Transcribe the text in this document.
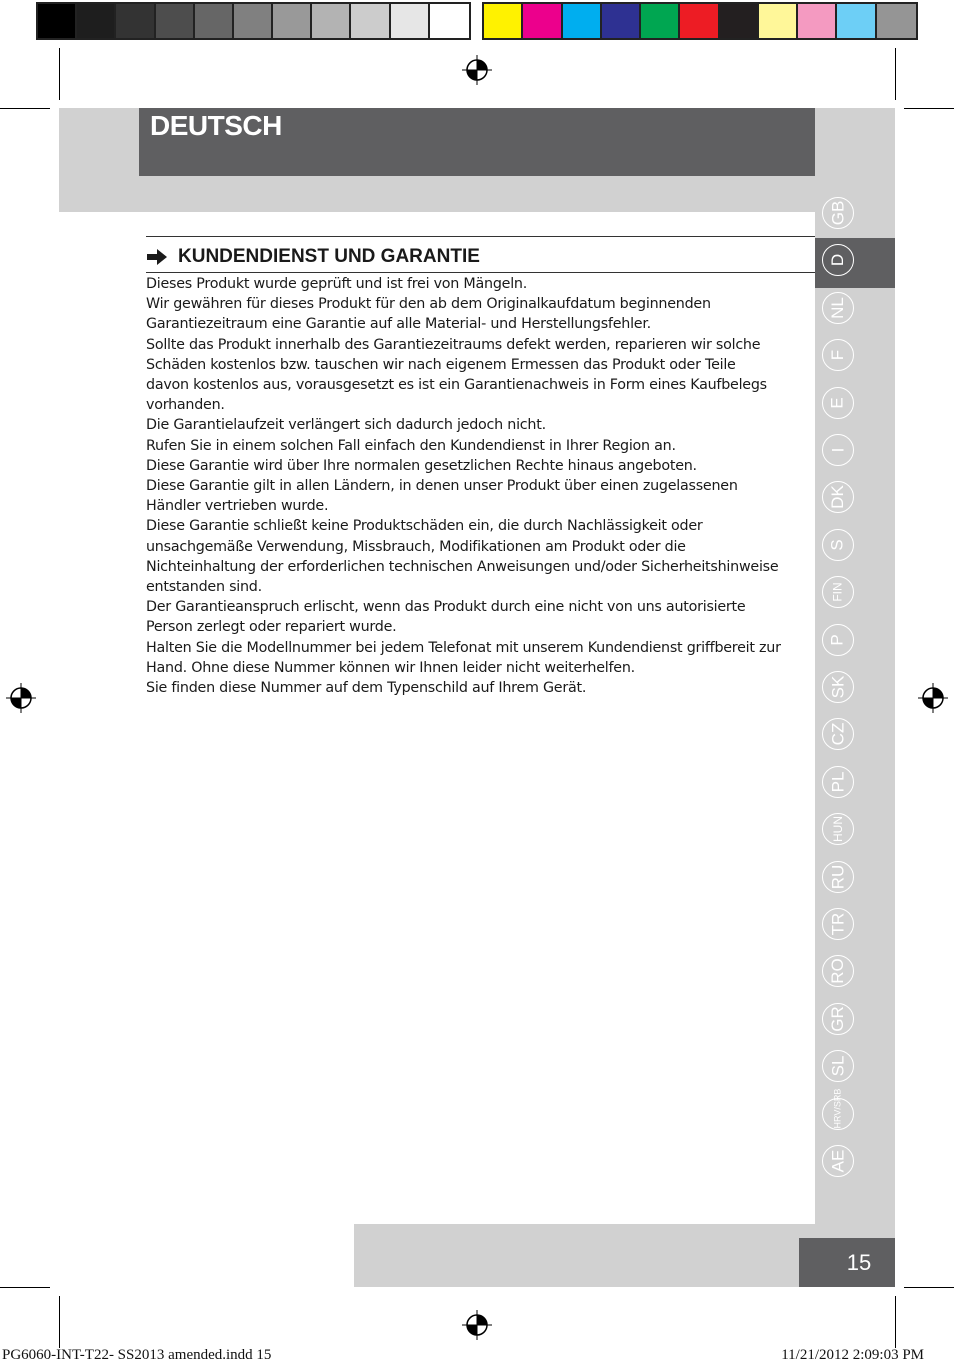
DEUTSCH
KUNDENDIENST UND GARANTIE

Dieses Produkt wurde geprüft und ist frei von Mängeln.

Wir gewähren für dieses Produkt für den ab dem Originalkaufdatum beginnenden

Garantiezeitraum eine Garantie auf alle Material- und Herstellungsfehler.

Sollte das Produkt innerhalb des Garantiezeitraums defekt werden, reparieren wir solche

Schäden kostenlos bzw. tauschen wir nach eigenem Ermessen das Produkt oder Teile

davon kostenlos aus, vorausgesetzt es ist ein Garantienachweis in Form eines Kaufbelegs

vorhanden.

Die Garantielaufzeit verlängert sich dadurch jedoch nicht.

Rufen Sie in einem solchen Fall einfach den Kundendienst in Ihrer Region an.

Diese Garantie wird über Ihre normalen gesetzlichen Rechte hinaus angeboten.

Diese Garantie gilt in allen Ländern, in denen unser Produkt über einen zugelassenen

Händler vertrieben wurde.

Diese Garantie schließt keine Produktschäden ein, die durch Nachlässigkeit oder

unsachgemäße Verwendung, Missbrauch, Modifikationen am Produkt oder die

Nichteinhaltung der erforderlichen technischen Anweisungen und/oder Sicherheitshinweise

entstanden sind.

Der Garantieanspruch erlischt, wenn das Produkt durch eine nicht von uns autorisierte

Person zerlegt oder repariert wurde.

Halten Sie die Modellnummer bei jedem Telefonat mit unserem Kundendienst griffbereit zur

Hand. Ohne diese Nummer können wir Ihnen leider nicht weiterhelfen.

Sie finden diese Nummer auf dem Typenschild auf Ihrem Gerät.

GB
D
NL
F
E
I
DK
S
FIN
P
SK
CZ
PL
HUN
RU
TR
RO
GR
SL
HRV/SRB
AE
15
PG6060-INT-T22- SS2013 amended.indd 15	11/21/2012 2:09:03 PM
